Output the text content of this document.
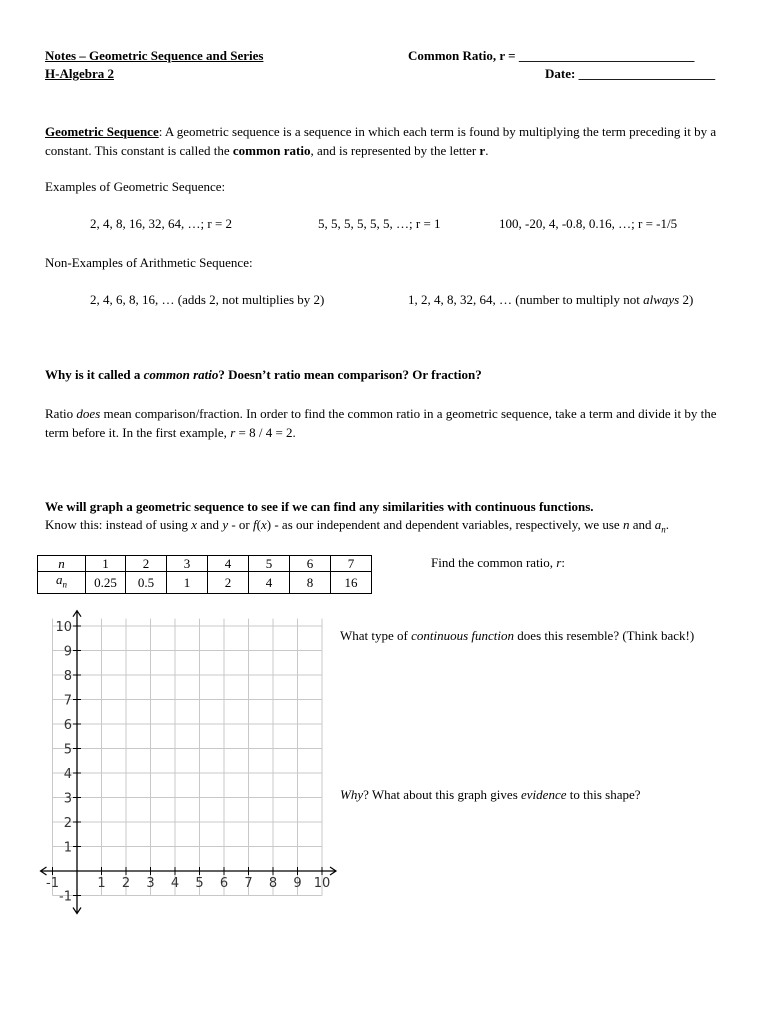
Notes – Geometric Sequence and Series
H-Algebra 2
Common Ratio, r = ___________________________
Date: _____________________
Geometric Sequence: A geometric sequence is a sequence in which each term is found by multiplying the term preceding it by a constant. This constant is called the common ratio, and is represented by the letter r.
Examples of Geometric Sequence:
2, 4, 8, 16, 32, 64, …; r = 2	5, 5, 5, 5, 5, 5, …; r = 1	100, -20, 4, -0.8, 0.16, …; r = -1/5
Non-Examples of Arithmetic Sequence:
2, 4, 6, 8, 16, … (adds 2, not multiplies by 2)	1, 2, 4, 8, 32, 64, … (number to multiply not always 2)
Why is it called a common ratio? Doesn’t ratio mean comparison? Or fraction?
Ratio does mean comparison/fraction. In order to find the common ratio in a geometric sequence, take a term and divide it by the term before it. In the first example, r = 8 / 4 = 2.
We will graph a geometric sequence to see if we can find any similarities with continuous functions.
Know this: instead of using x and y - or f(x) - as our independent and dependent variables, respectively, we use n and $a_n$.
n	1	2	3	4	5	6	7
$a_n$	0.25	0.5	1	2	4	8	16
Find the common ratio, r:
What type of continuous function does this resemble? (Think back!)
Why? What about this graph gives evidence to this shape?
-1	1 2 3 4 5 6 7 8 9 10
10
9
8
7
6
5
4
3
2
1
-1
